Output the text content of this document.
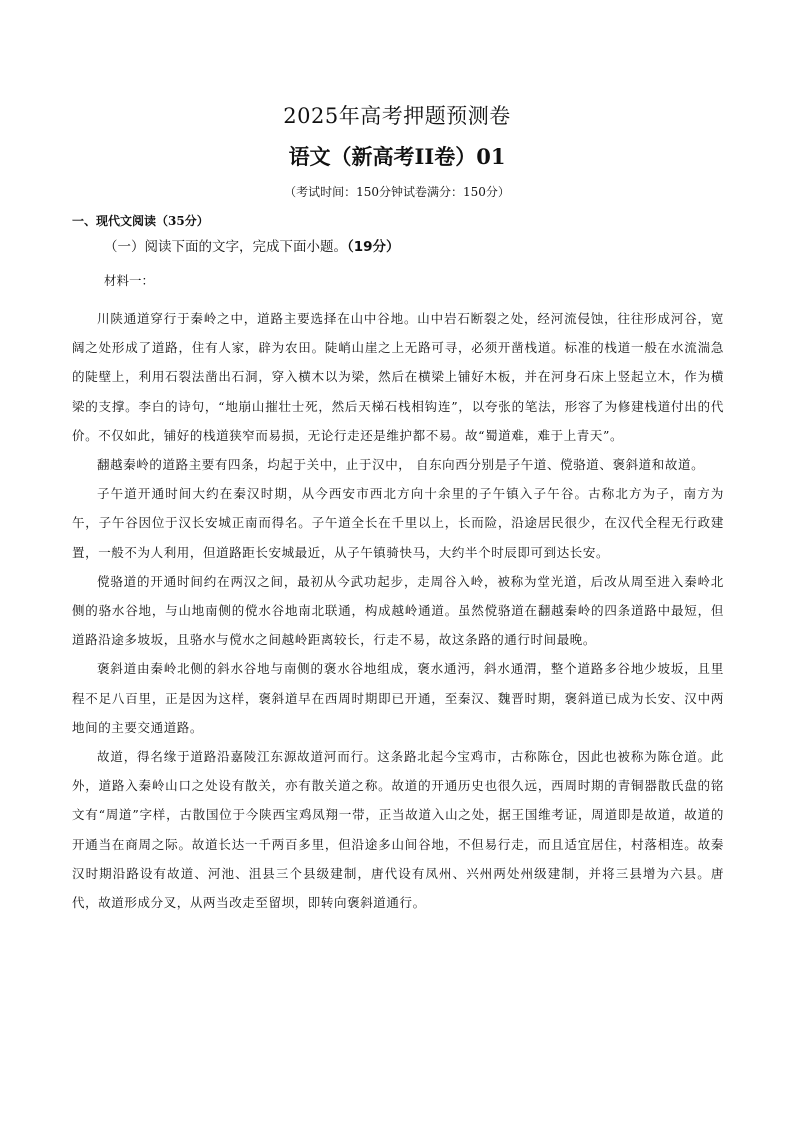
2025年高考押题预测卷
语文（新高考II卷）01
（考试时间：150分钟试卷满分：150分）
一、现代文阅读（35分）
（一）阅读下面的文字，完成下面小题。（19分）
材料一：

川陕通道穿行于秦岭之中，道路主要选择在山中谷地。山中岩石断裂之处，经河流侵蚀，往往形成河谷，宽阔之处形成了道路，住有人家，辟为农田。陡峭山崖之上无路可寻，必须开凿栈道。标准的栈道一般在水流湍急的陡壁上，利用石裂法凿出石洞，穿入横木以为梁，然后在横梁上铺好木板，并在河身石床上竖起立木，作为横梁的支撑。李白的诗句，“地崩山摧壮士死，然后天梯石栈相钩连”，以夸张的笔法，形容了为修建栈道付出的代价。不仅如此，铺好的栈道狭窄而易损，无论行走还是维护都不易。故“蜀道难，难于上青天”。

翻越秦岭的道路主要有四条，均起于关中，止于汉中， 自东向西分别是子午道、傥骆道、褒斜道和故道。

子午道开通时间大约在秦汉时期，从今西安市西北方向十余里的子午镇入子午谷。古称北方为子，南方为午，子午谷因位于汉长安城正南而得名。子午道全长在千里以上，长而险，沿途居民很少，在汉代全程无行政建置，一般不为人利用，但道路距长安城最近，从子午镇骑快马，大约半个时辰即可到达长安。

傥骆道的开通时间约在两汉之间，最初从今武功起步，走周谷入岭，被称为堂光道，后改从周至进入秦岭北侧的骆水谷地，与山地南侧的傥水谷地南北联通，构成越岭通道。虽然傥骆道在翻越秦岭的四条道路中最短，但道路沿途多坡坂，且骆水与傥水之间越岭距离较长，行走不易，故这条路的通行时间最晚。

褒斜道由秦岭北侧的斜水谷地与南侧的褒水谷地组成，褒水通沔，斜水通渭，整个道路多谷地少坡坂，且里程不足八百里，正是因为这样，褒斜道早在西周时期即已开通，至秦汉、魏晋时期，褒斜道已成为长安、汉中两地间的主要交通道路。

故道，得名缘于道路沿嘉陵江东源故道河而行。这条路北起今宝鸡市，古称陈仓，因此也被称为陈仓道。此外，道路入秦岭山口之处设有散关，亦有散关道之称。故道的开通历史也很久远，西周时期的青铜器散氏盘的铭文有“周道”字样，古散国位于今陕西宝鸡凤翔一带，正当故道入山之处，据王国维考证，周道即是故道，故道的开通当在商周之际。故道长达一千两百多里，但沿途多山间谷地，不但易行走，而且适宜居住，村落相连。故秦汉时期沿路设有故道、河池、沮县三个县级建制，唐代设有凤州、兴州两处州级建制，并将三县增为六县。唐代，故道形成分叉，从两当改走至留坝，即转向褒斜道通行。
